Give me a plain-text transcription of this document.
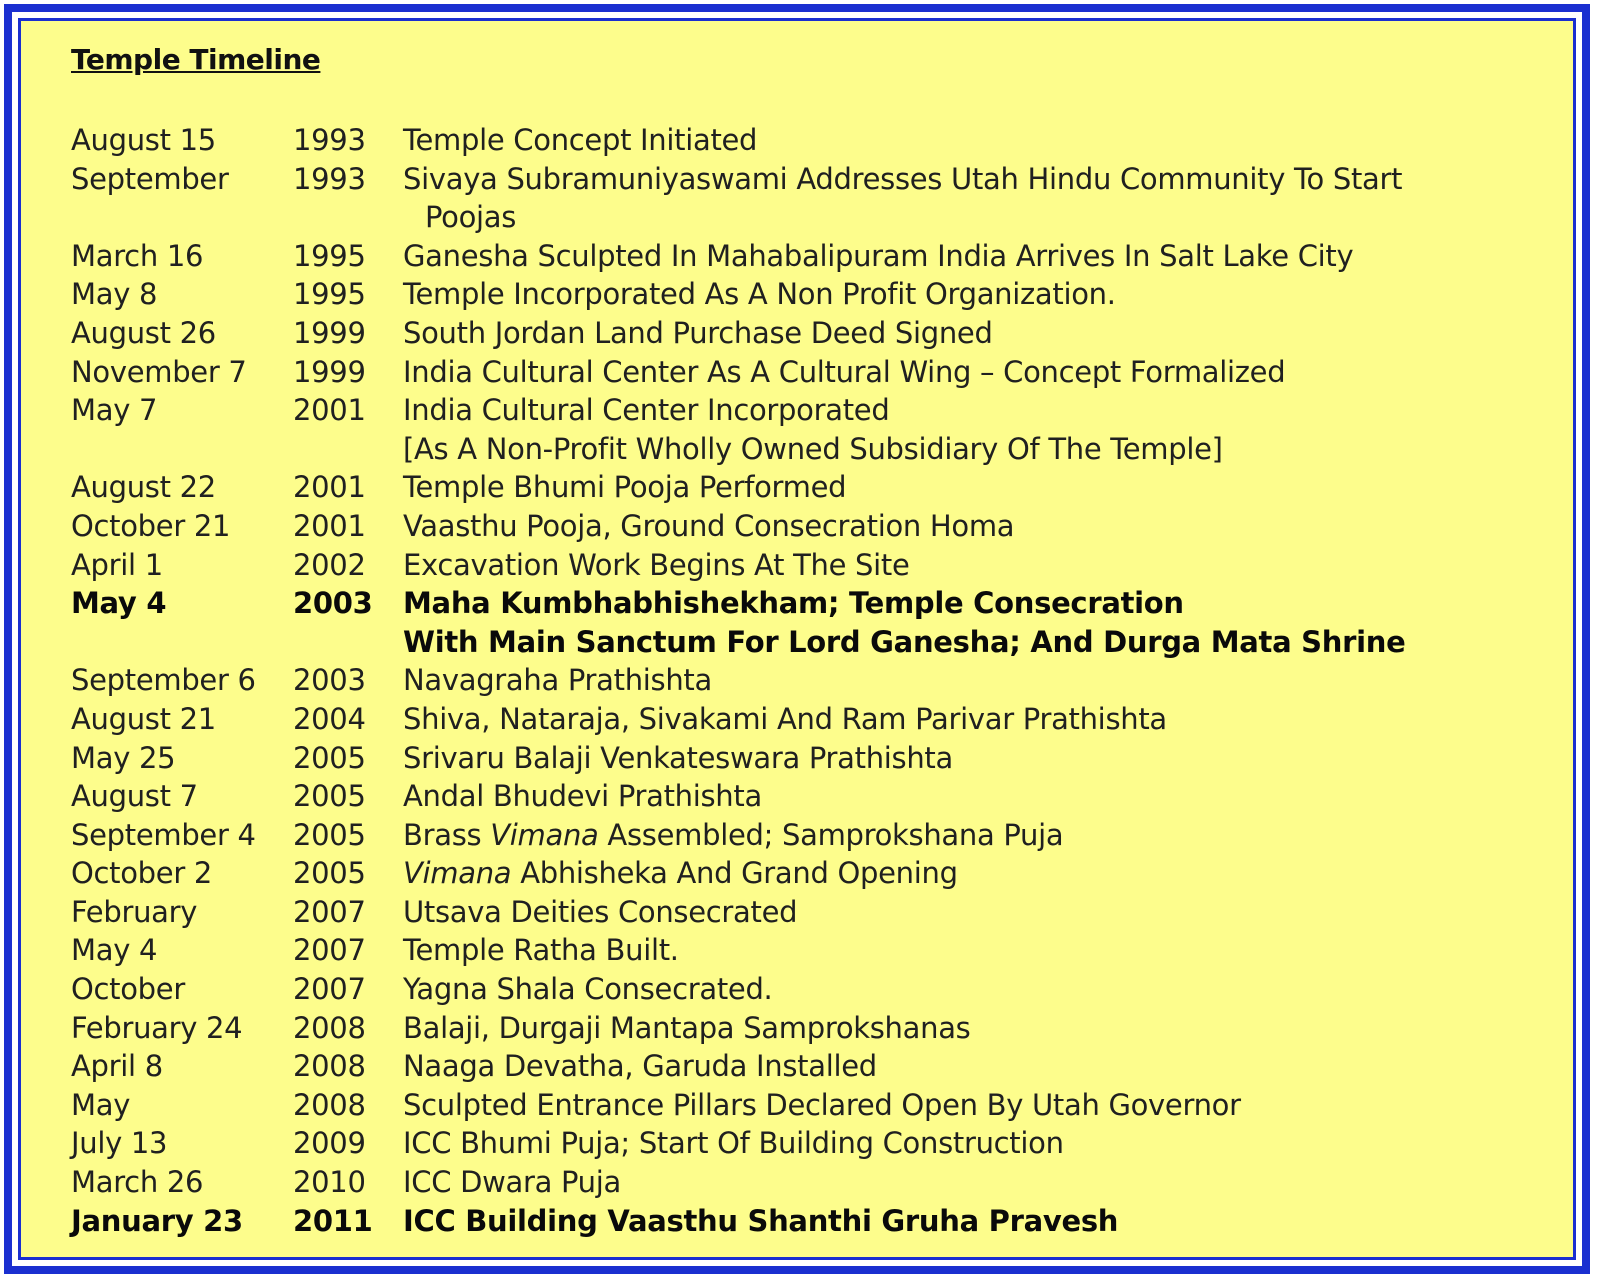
Temple Timeline
August 15	1993	Temple Concept Initiated
September	1993	Sivaya Subramuniyaswami Addresses Utah Hindu Community To Start
Poojas
March 16	1995	Ganesha Sculpted In Mahabalipuram India Arrives In Salt Lake City
May 8	1995	Temple Incorporated As A Non Profit Organization.
August 26	1999	South Jordan Land Purchase Deed Signed
November 7	1999	India Cultural Center As A Cultural Wing – Concept Formalized
May 7	2001	India Cultural Center Incorporated
[As A Non-Profit Wholly Owned Subsidiary Of The Temple]
August 22	2001	Temple Bhumi Pooja Performed
October 21	2001	Vaasthu Pooja, Ground Consecration Homa
April 1	2002	Excavation Work Begins At The Site
May 4	2003	Maha Kumbhabhishekham; Temple Consecration
With Main Sanctum For Lord Ganesha; And Durga Mata Shrine
September 6	2003	Navagraha Prathishta
August 21	2004	Shiva, Nataraja, Sivakami And Ram Parivar Prathishta
May 25	2005	Srivaru Balaji Venkateswara Prathishta
August 7	2005	Andal Bhudevi Prathishta
September 4	2005	Brass Vimana Assembled; Samprokshana Puja
October 2	2005	Vimana Abhisheka And Grand Opening
February	2007	Utsava Deities Consecrated
May 4	2007	Temple Ratha Built.
October	2007	Yagna Shala Consecrated.
February 24	2008	Balaji, Durgaji Mantapa Samprokshanas
April 8	2008	Naaga Devatha, Garuda Installed
May	2008	Sculpted Entrance Pillars Declared Open By Utah Governor
July 13	2009	ICC Bhumi Puja; Start Of Building Construction
March 26	2010	ICC Dwara Puja
January 23	2011	ICC Building Vaasthu Shanthi Gruha Pravesh
